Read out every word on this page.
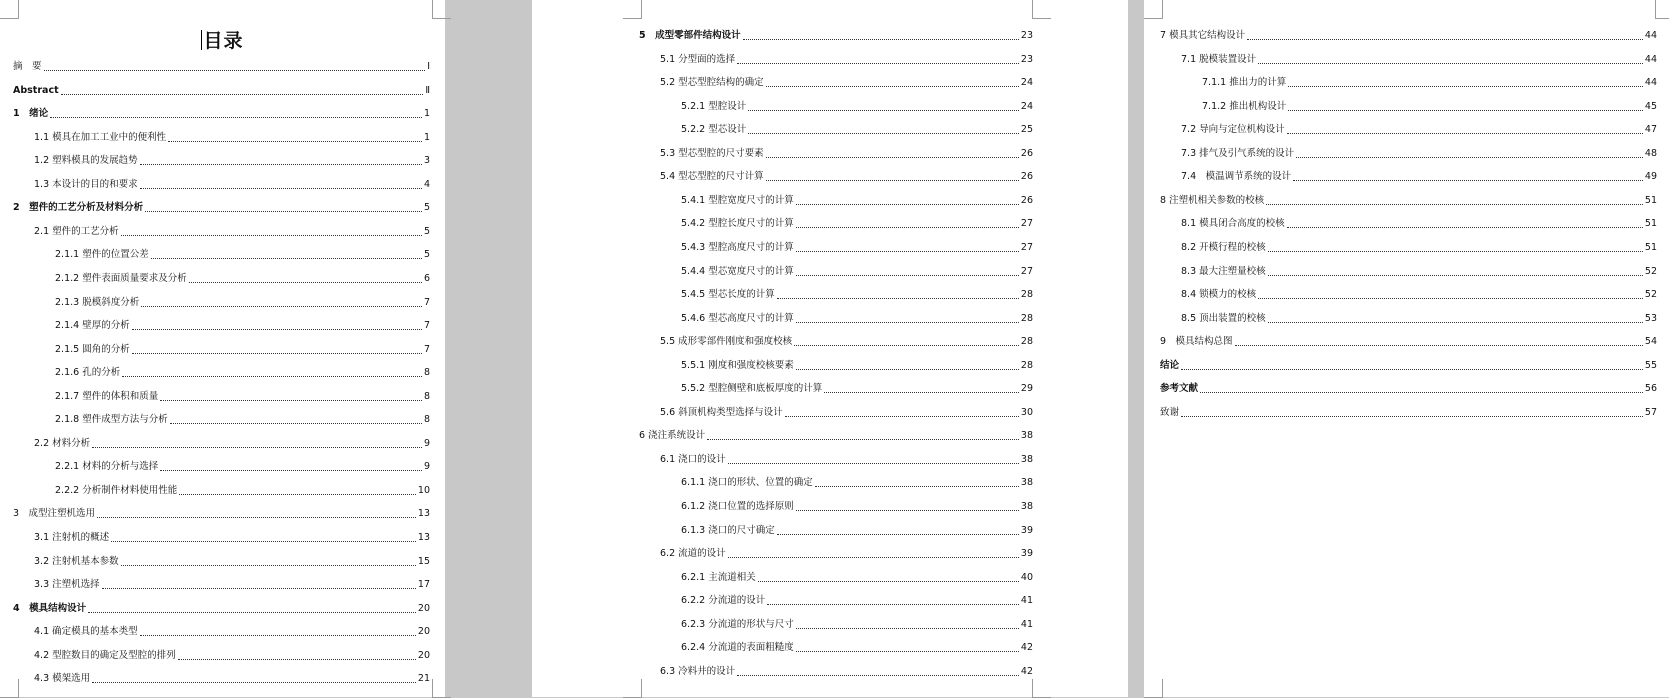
目录
摘　要	I
Abstract	Ⅱ
1　绪论	1
1.1 模具在加工工业中的便利性	1
1.2 塑料模具的发展趋势	3
1.3 本设计的目的和要求	4
2　塑件的工艺分析及材料分析	5
2.1 塑件的工艺分析	5
2.1.1 塑件的位置公差	5
2.1.2 塑件表面质量要求及分析	6
2.1.3 脱模斜度分析	7
2.1.4 壁厚的分析	7
2.1.5 圆角的分析	7
2.1.6 孔的分析	8
2.1.7 塑件的体积和质量	8
2.1.8 塑件成型方法与分析	8
2.2 材料分析	9
2.2.1 材料的分析与选择	9
2.2.2 分析制件材料使用性能	10
3　成型注塑机选用	13
3.1 注射机的概述	13
3.2 注射机基本参数	15
3.3 注塑机选择	17
4　模具结构设计	20
4.1 确定模具的基本类型	20
4.2 型腔数目的确定及型腔的排列	20
4.3 模架选用	21
5　成型零部件结构设计	23
5.1 分型面的选择	23
5.2 型芯型腔结构的确定	24
5.2.1 型腔设计	24
5.2.2 型芯设计	25
5.3 型芯型腔的尺寸要素	26
5.4 型芯型腔的尺寸计算	26
5.4.1 型腔宽度尺寸的计算	26
5.4.2 型腔长度尺寸的计算	27
5.4.3 型腔高度尺寸的计算	27
5.4.4 型芯宽度尺寸的计算	27
5.4.5 型芯长度的计算	28
5.4.6 型芯高度尺寸的计算	28
5.5 成形零部件刚度和强度校核	28
5.5.1 刚度和强度校核要素	28
5.5.2 型腔侧壁和底板厚度的计算	29
5.6 斜顶机构类型选择与设计	30
6 浇注系统设计	38
6.1 浇口的设计	38
6.1.1 浇口的形状、位置的确定	38
6.1.2 浇口位置的选择原则	38
6.1.3 浇口的尺寸确定	39
6.2 流道的设计	39
6.2.1 主流道相关	40
6.2.2 分流道的设计	41
6.2.3 分流道的形状与尺寸	41
6.2.4 分流道的表面粗糙度	42
6.3 冷料井的设计	42
7 模具其它结构设计	44
7.1 脱模装置设计	44
7.1.1 推出力的计算	44
7.1.2 推出机构设计	45
7.2 导向与定位机构设计	47
7.3 排气及引气系统的设计	48
7.4　模温调节系统的设计	49
8 注塑机相关参数的校核	51
8.1 模具闭合高度的校核	51
8.2 开模行程的校核	51
8.3 最大注塑量校核	52
8.4 锁模力的校核	52
8.5 顶出装置的校核	53
9　模具结构总图	54
结论	55
参考文献	56
致谢	57
